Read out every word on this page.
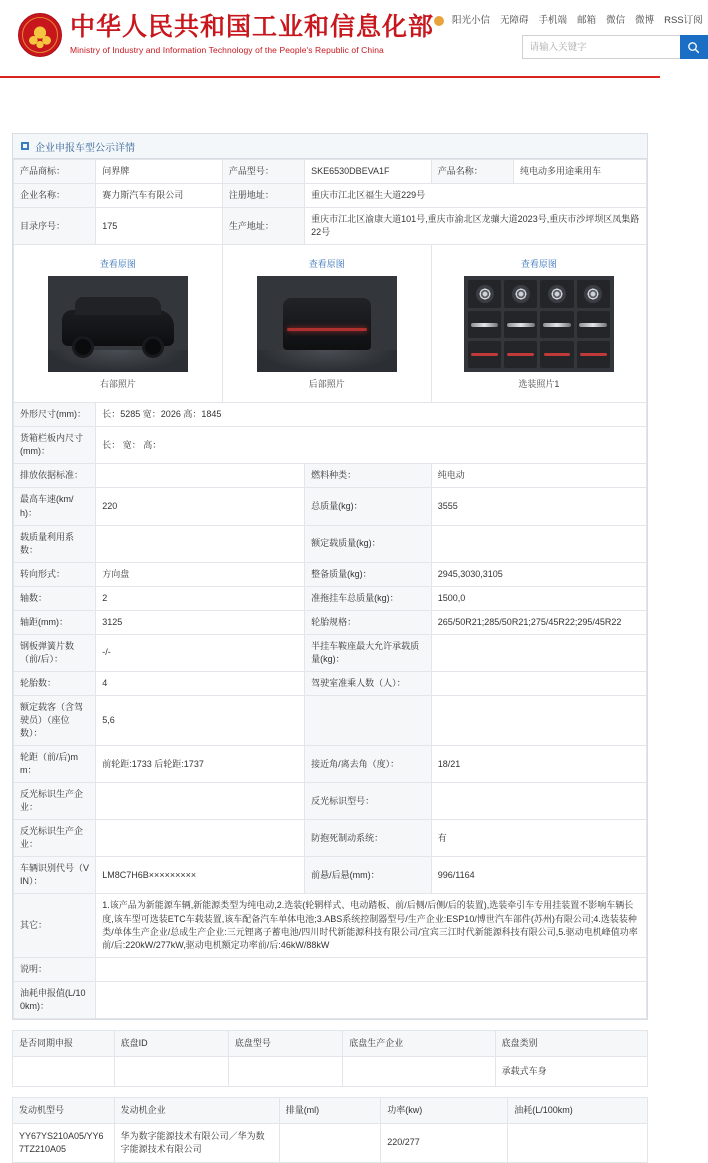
中华人民共和国工业和信息化部
Ministry of Industry and Information Technology of the People's Republic of China
阳光小信	无障碍	手机端	邮箱	微信	微博	RSS订阅
请输入关键字
企业申报车型公示详情
产品商标：	问界牌	产品型号：	SKE6530DBEVA1F	产品名称：	纯电动多用途乘用车
企业名称：	赛力斯汽车有限公司	注册地址：	重庆市江北区福生大道229号		
目录序号：	175	生产地址：	重庆市江北区渝康大道101号,重庆市渝北区龙骧大道2023号,重庆市沙坪坝区凤集路22号		

查看原图
右部照片		查看原图
后部照片		查看原图
选装照片1	

外形尺寸(mm)：	长：5285 宽：2026 高：1845				
货箱栏板内尺寸(mm)：	长： 宽： 高：				
排放依据标准：			燃料种类：	纯电动	
最高车速(km/h)：	220		总质量(kg)：	3555	
载质量利用系数：			额定载质量(kg)：		
转向形式：	方向盘		整备质量(kg)：	2945,3030,3105	
轴数：	2		准拖挂车总质量(kg)：	1500,0	
轴距(mm)：	3125		轮胎规格：	265/50R21;285/50R21;275/45R22;295/45R22	
钢板弹簧片数（前/后）：	-/-		半挂车鞍座最大允许承载质量(kg)：		
轮胎数：	4		驾驶室准乘人数（人）：		
额定载客（含驾驶员）（座位数）：	5,6				
轮距（前/后)mm：	前轮距:1733 后轮距:1737		接近角/离去角（度）：	18/21	
反光标识生产企业：			反光标识型号：		
反光标识生产企业：			防抱死制动系统：	有	
车辆识别代号（VIN）：	LM8C7H6B×××××××××		前悬/后悬(mm)：	996/1164	
其它：	1.该产品为新能源车辆,新能源类型为纯电动,2.选装(轮辋样式、电动踏板、前/后侧/后侧/后的装置),选装牵引车专用挂装置不影响车辆长度,该车型可选装ETC车载装置,该车配备汽车单体电池;3.ABS系统控制器型号/生产企业:ESP10/博世汽车部件(苏州)有限公司;4.选装装种类/单体生产企业/总成生产企业:三元锂离子蓄电池/四川时代新能源科技有限公司/宜宾三江时代新能源科技有限公司,5.驱动电机峰值功率前/后:220kW/277kW,驱动电机额定功率前/后:46kW/88kW				
说明：					
油耗申报值(L/100km)：					
是否同期申报	底盘ID	底盘型号	底盘生产企业	底盘类别
				承载式车身
发动机型号	发动机企业	排量(ml)	功率(kw)	油耗(L/100km)
YY67YS210A05/YY67TZ210A05	华为数字能源技术有限公司／华为数字能源技术有限公司		220/277	
